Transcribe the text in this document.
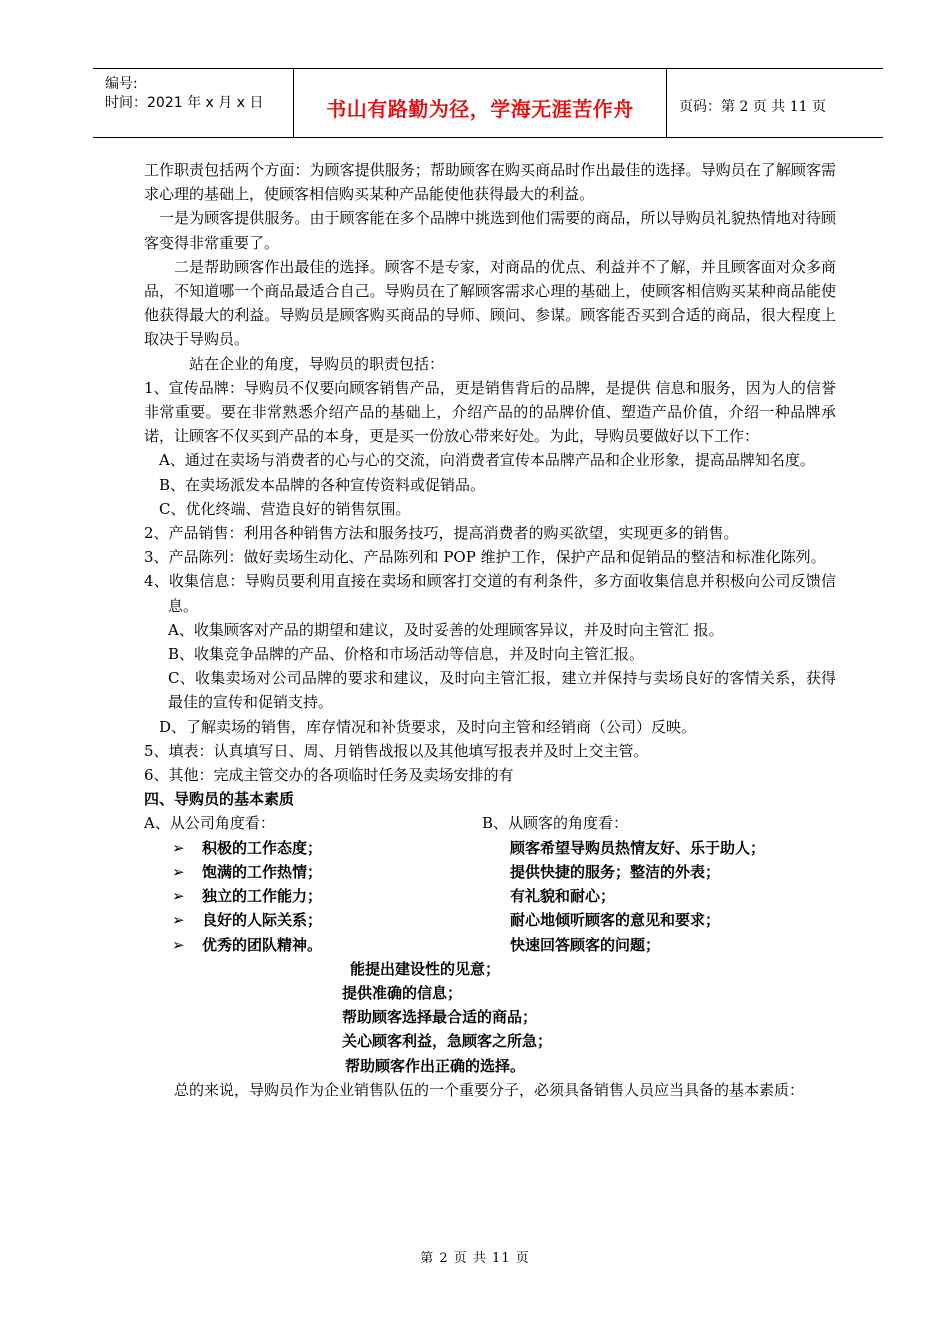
编号:
时间：2021 年 x 月 x 日	书山有路勤为径，学海无涯苦作舟	页码：第 2 页 共 11 页

工作职责包括两个方面：为顾客提供服务；帮助顾客在购买商品时作出最佳的选择。导购员在了解顾客需求心理的基础上，使顾客相信购买某种产品能使他获得最大的利益。

一是为顾客提供服务。由于顾客能在多个品牌中挑选到他们需要的商品，所以导购员礼貌热情地对待顾客变得非常重要了。

二是帮助顾客作出最佳的选择。顾客不是专家，对商品的优点、利益并不了解，并且顾客面对众多商品，不知道哪一个商品最适合自己。导购员在了解顾客需求心理的基础上，使顾客相信购买某种商品能使他获得最大的利益。导购员是顾客购买商品的导师、顾问、参谋。顾客能否买到合适的商品，很大程度上取决于导购员。

站在企业的角度，导购员的职责包括：

1、宣传品牌：导购员不仅要向顾客销售产品，更是销售背后的品牌，是提供 信息和服务，因为人的信誉非常重要。要在非常熟悉介绍产品的基础上，介绍产品的的品牌价值、塑造产品价值，介绍一种品牌承诺，让顾客不仅买到产品的本身，更是买一份放心带来好处。为此，导购员要做好以下工作：

A、通过在卖场与消费者的心与心的交流，向消费者宣传本品牌产品和企业形象，提高品牌知名度。

B、在卖场派发本品牌的各种宣传资料或促销品。

C、优化终端、营造良好的销售氛围。

2、产品销售：利用各种销售方法和服务技巧，提高消费者的购买欲望，实现更多的销售。

3、产品陈列：做好卖场生动化、产品陈列和 POP 维护工作，保护产品和促销品的整洁和标准化陈列。

4、收集信息：导购员要利用直接在卖场和顾客打交道的有利条件，多方面收集信息并积极向公司反馈信息。

A、收集顾客对产品的期望和建议，及时妥善的处理顾客异议，并及时向主管汇 报。

B、收集竞争品牌的产品、价格和市场活动等信息，并及时向主管汇报。

C、收集卖场对公司品牌的要求和建议，及时向主管汇报，建立并保持与卖场良好的客情关系，获得最佳的宣传和促销支持。

D、了解卖场的销售，库存情况和补货要求，及时向主管和经销商（公司）反映。

5、填表：认真填写日、周、月销售战报以及其他填写报表并及时上交主管。

6、其他：完成主管交办的各项临时任务及卖场安排的有

四、导购员的基本素质

A、从公司角度看：	B、从顾客的角度看：
➢	积极的工作态度；	顾客希望导购员热情友好、乐于助人；
➢	饱满的工作热情；	提供快捷的服务；整洁的外表；
➢	独立的工作能力；	有礼貌和耐心；
➢	良好的人际关系；	耐心地倾听顾客的意见和要求；
➢	优秀的团队精神。	快速回答顾客的问题；
能提出建设性的见意；
提供准确的信息；
帮助顾客选择最合适的商品；
关心顾客利益，急顾客之所急；
帮助顾客作出正确的选择。

总的来说，导购员作为企业销售队伍的一个重要分子，必须具备销售人员应当具备的基本素质：

第 2 页 共 11 页
